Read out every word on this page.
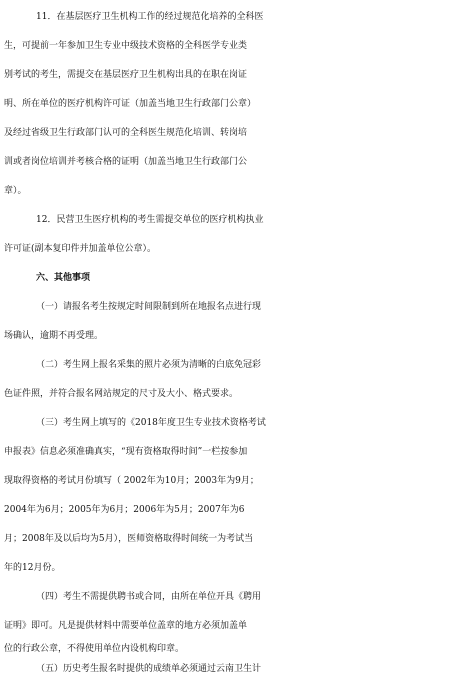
11．在基层医疗卫生机构工作的经过规范化培养的全科医
生，可提前一年参加卫生专业中级技术资格的全科医学专业类
别考试的考生，需提交在基层医疗卫生机构出具的在职在岗证
明、所在单位的医疗机构许可证（加盖当地卫生行政部门公章）
及经过省级卫生行政部门认可的全科医生规范化培训、转岗培
训或者岗位培训并考核合格的证明（加盖当地卫生行政部门公
章）。
12．民营卫生医疗机构的考生需提交单位的医疗机构执业
许可证(副本复印件并加盖单位公章）。
六、其他事项
（一）请报名考生按规定时间限制到所在地报名点进行现
场确认，逾期不再受理。
（二）考生网上报名采集的照片必须为清晰的白底免冠彩
色证件照，并符合报名网站规定的尺寸及大小、格式要求。
（三）考生网上填写的《2018年度卫生专业技术资格考试
申报表》信息必须准确真实，“现有资格取得时间”一栏按参加
现取得资格的考试月份填写（ 2002年为10月；2003年为9月；
2004年为6月；2005年为6月；2006年为5月；2007年为6
月；2008年及以后均为5月），医师资格取得时间统一为考试当
年的12月份。
（四）考生不需提供聘书或合同，由所在单位开具《聘用
证明》即可。凡是提供材料中需要单位盖章的地方必须加盖单
位的行政公章，不得使用单位内设机构印章。
（五）历史考生报名时提供的成绩单必须通过云南卫生计
